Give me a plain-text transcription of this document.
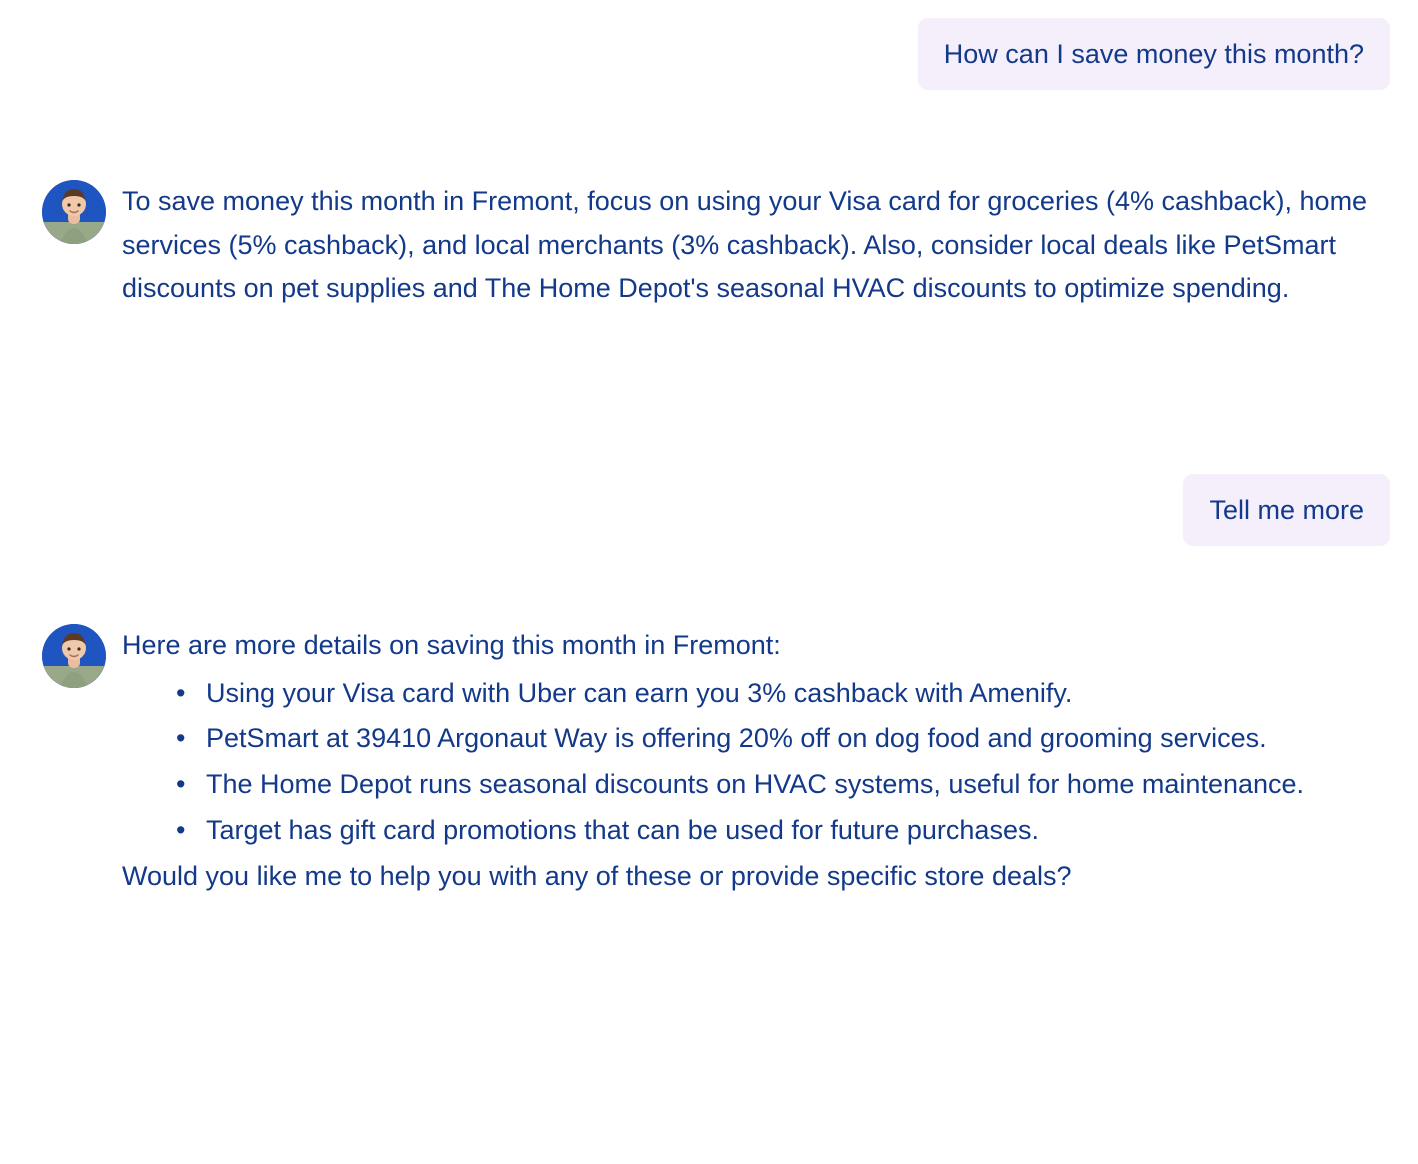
How can I save money this month?

To save money this month in Fremont, focus on using your Visa card for groceries (4% cashback), home services (5% cashback), and local merchants (3% cashback). Also, consider local deals like PetSmart discounts on pet supplies and The Home Depot's seasonal HVAC discounts to optimize spending.

Tell me more

Here are more details on saving this month in Fremont:

• Using your Visa card with Uber can earn you 3% cashback with Amenify.
• PetSmart at 39410 Argonaut Way is offering 20% off on dog food and grooming services.
• The Home Depot runs seasonal discounts on HVAC systems, useful for home maintenance.
• Target has gift card promotions that can be used for future purchases.
Would you like me to help you with any of these or provide specific store deals?
